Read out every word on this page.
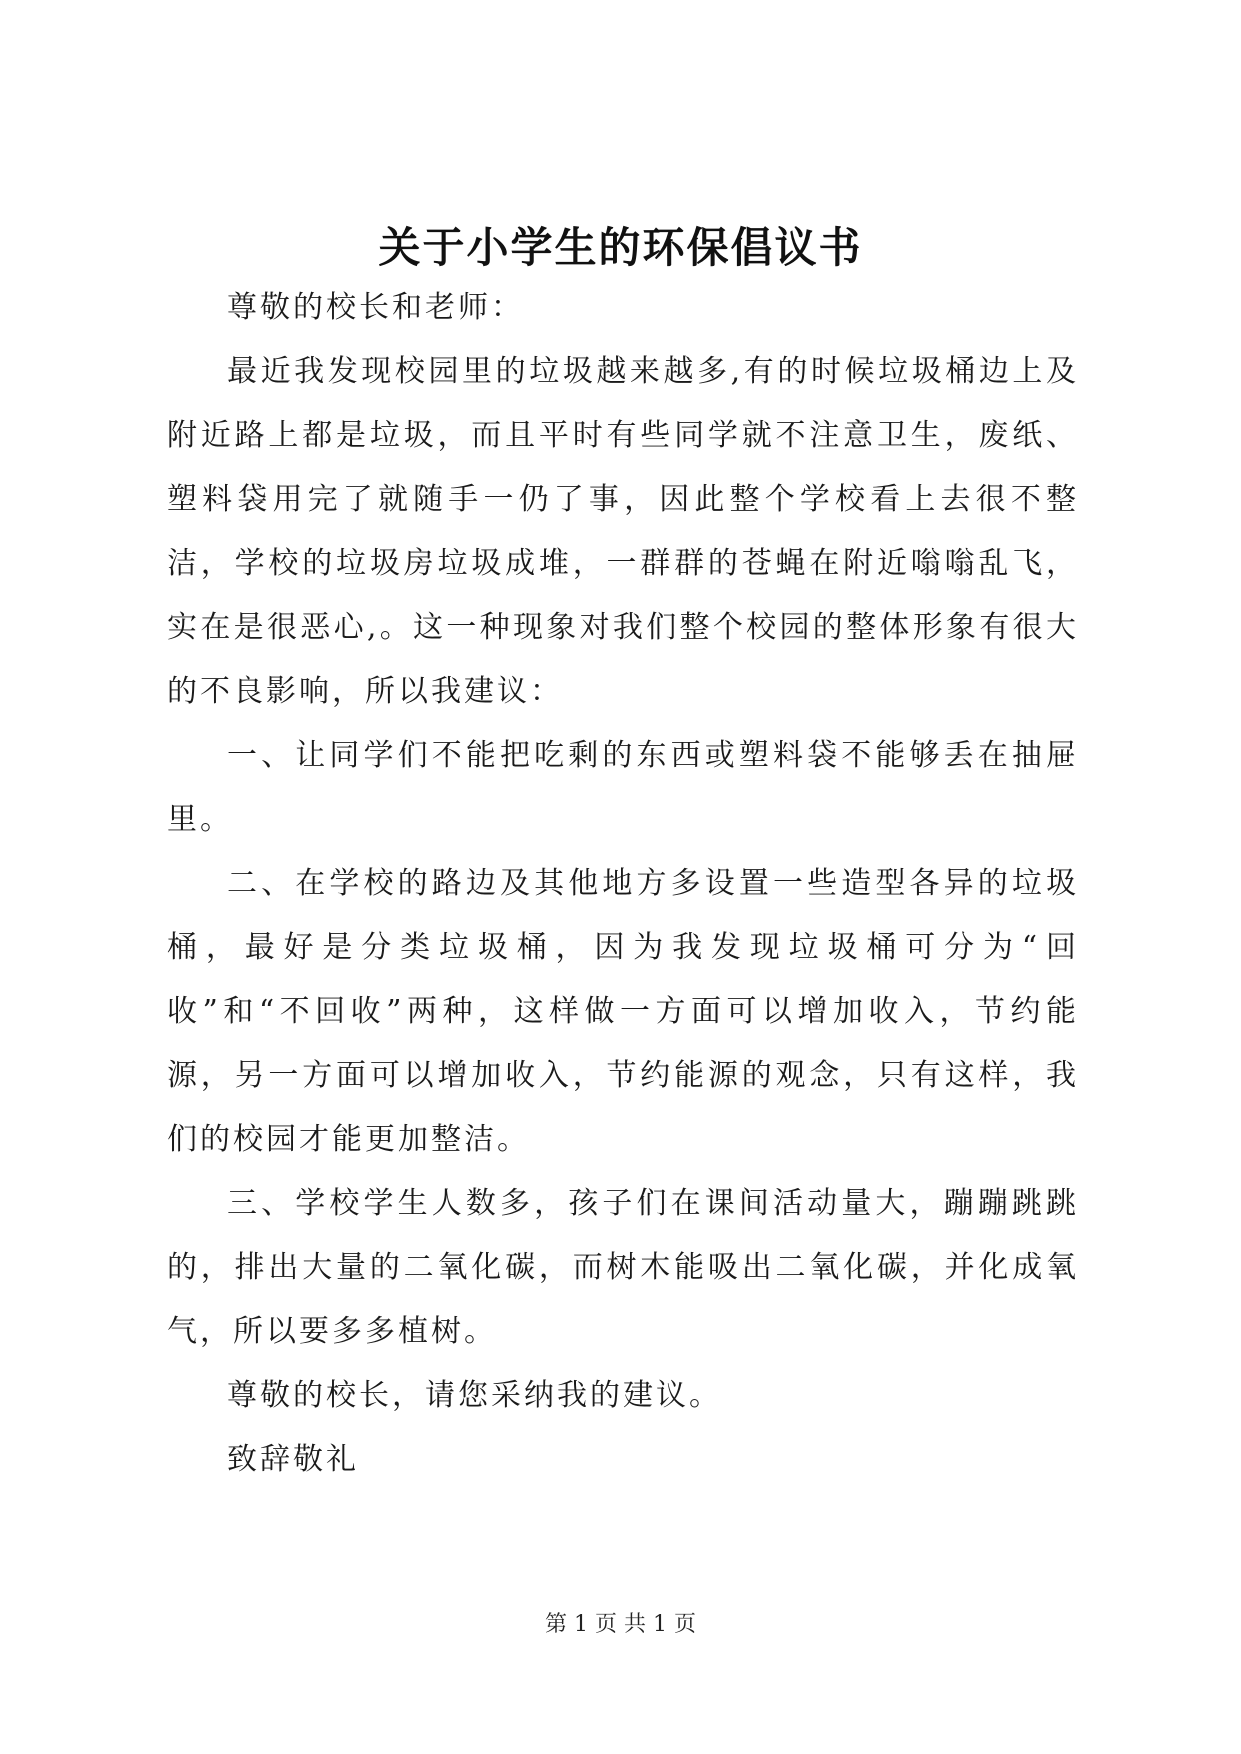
关于小学生的环保倡议书

尊敬的校长和老师：

最近我发现校园里的垃圾越来越多,有的时候垃圾桶边上及附近路上都是垃圾，而且平时有些同学就不注意卫生，废纸、塑料袋用完了就随手一仍了事，因此整个学校看上去很不整洁，学校的垃圾房垃圾成堆，一群群的苍蝇在附近嗡嗡乱飞，实在是很恶心,。这一种现象对我们整个校园的整体形象有很大的不良影响，所以我建议：

一、让同学们不能把吃剩的东西或塑料袋不能够丢在抽屉里。

二、在学校的路边及其他地方多设置一些造型各异的垃圾桶，最好是分类垃圾桶，因为我发现垃圾桶可分为“回收”和“不回收”两种，这样做一方面可以增加收入，节约能源，另一方面可以增加收入，节约能源的观念，只有这样，我们的校园才能更加整洁。

三、学校学生人数多，孩子们在课间活动量大，蹦蹦跳跳的，排出大量的二氧化碳，而树木能吸出二氧化碳，并化成氧气，所以要多多植树。

尊敬的校长，请您采纳我的建议。

致辞敬礼

第 1 页 共 1 页
